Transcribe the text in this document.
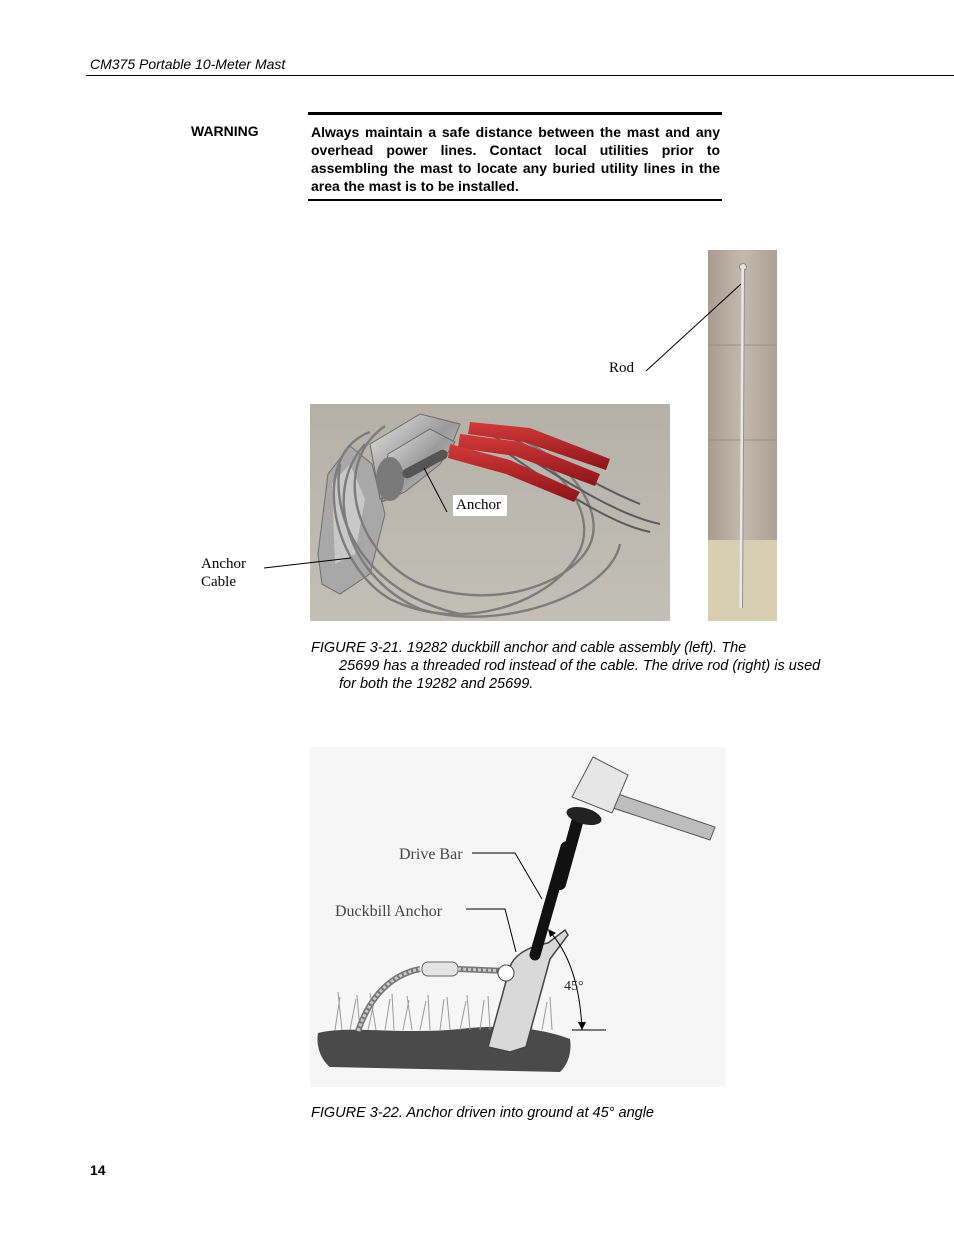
CM375 Portable 10-Meter Mast
WARNING	Always maintain a safe distance between the mast and any overhead power lines. Contact local utilities prior to assembling the mast to locate any buried utility lines in the area the mast is to be installed.

Rod
Anchor
Anchor
Cable
FIGURE 3-21. 19282 duckbill anchor and cable assembly (left). The
25699 has a threaded rod instead of the cable. The drive rod (right) is used for both the 19282 and 25699.
Drive Bar
Duckbill Anchor
45°
FIGURE 3-22. Anchor driven into ground at 45° angle
14
